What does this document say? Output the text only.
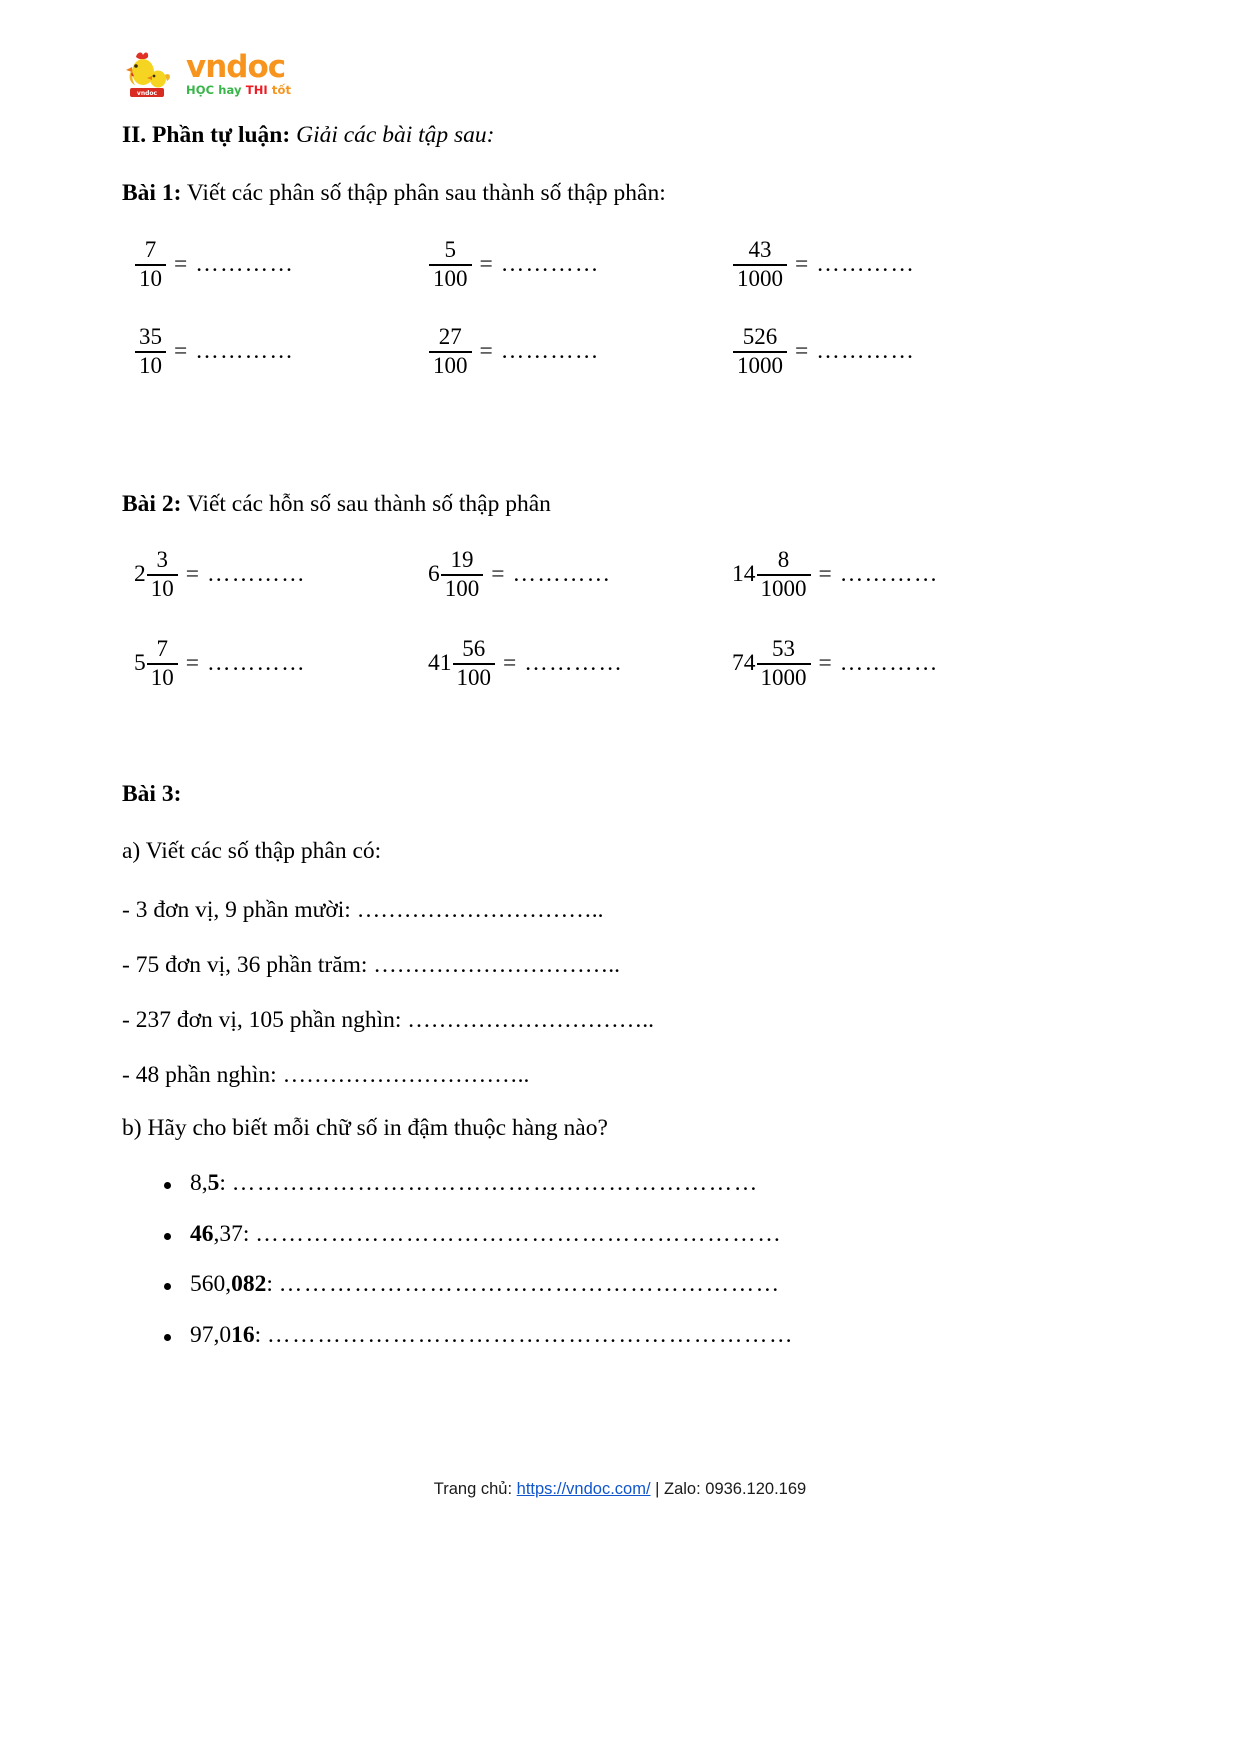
vndoc
vndoc
HỌC hay THI tốt
II. Phần tự luận: Giải các bài tập sau:
Bài 1: Viết các phân số thập phân sau thành số thập phân:
$\frac{7}{10}$ = …………	$\frac{5}{100}$ = …………	$\frac{43}{1000}$ = …………
$\frac{35}{10}$ = …………	$\frac{27}{100}$ = …………	$\frac{526}{1000}$ = …………
Bài 2: Viết các hỗn số sau thành số thập phân
$2 \frac{3}{10}$ = …………	$6 \frac{19}{100}$ = …………	$14 \frac{8}{1000}$ = …………
$5 \frac{7}{10}$ = …………	$41 \frac{56}{100}$ = …………	$74 \frac{53}{1000}$ = …………
Bài 3:
a) Viết các số thập phân có:
- 3 đơn vị, 9 phần mười: …………………………..
- 75 đơn vị, 36 phần trăm: …………………………..
- 237 đơn vị, 105 phần nghìn: …………………………..
- 48 phần nghìn: …………………………..
b) Hãy cho biết mỗi chữ số in đậm thuộc hàng nào?
8,5: ………………………………………………………
46,37: ………………………………………………………
560,082: ……………………………………………………
97,016: ………………………………………………………
Trang chủ: https://vndoc.com/ | Zalo: 0936.120.169
